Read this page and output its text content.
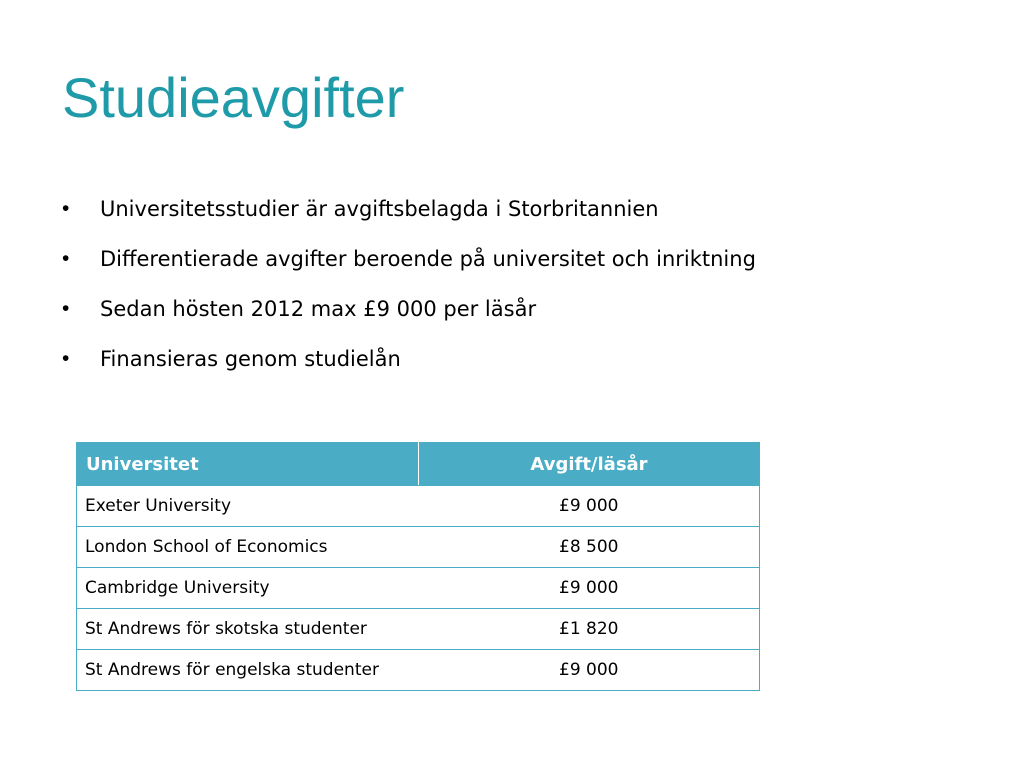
Studieavgifter
• Universitetsstudier är avgiftsbelagda i Storbritannien
• Differentierade avgifter beroende på universitet och inriktning
• Sedan hösten 2012 max £9 000 per läsår
• Finansieras genom studielån
Universitet	Avgift/läsår
Exeter University	£9 000
London School of Economics	£8 500
Cambridge University	£9 000
St Andrews för skotska studenter	£1 820
St Andrews för engelska studenter	£9 000
